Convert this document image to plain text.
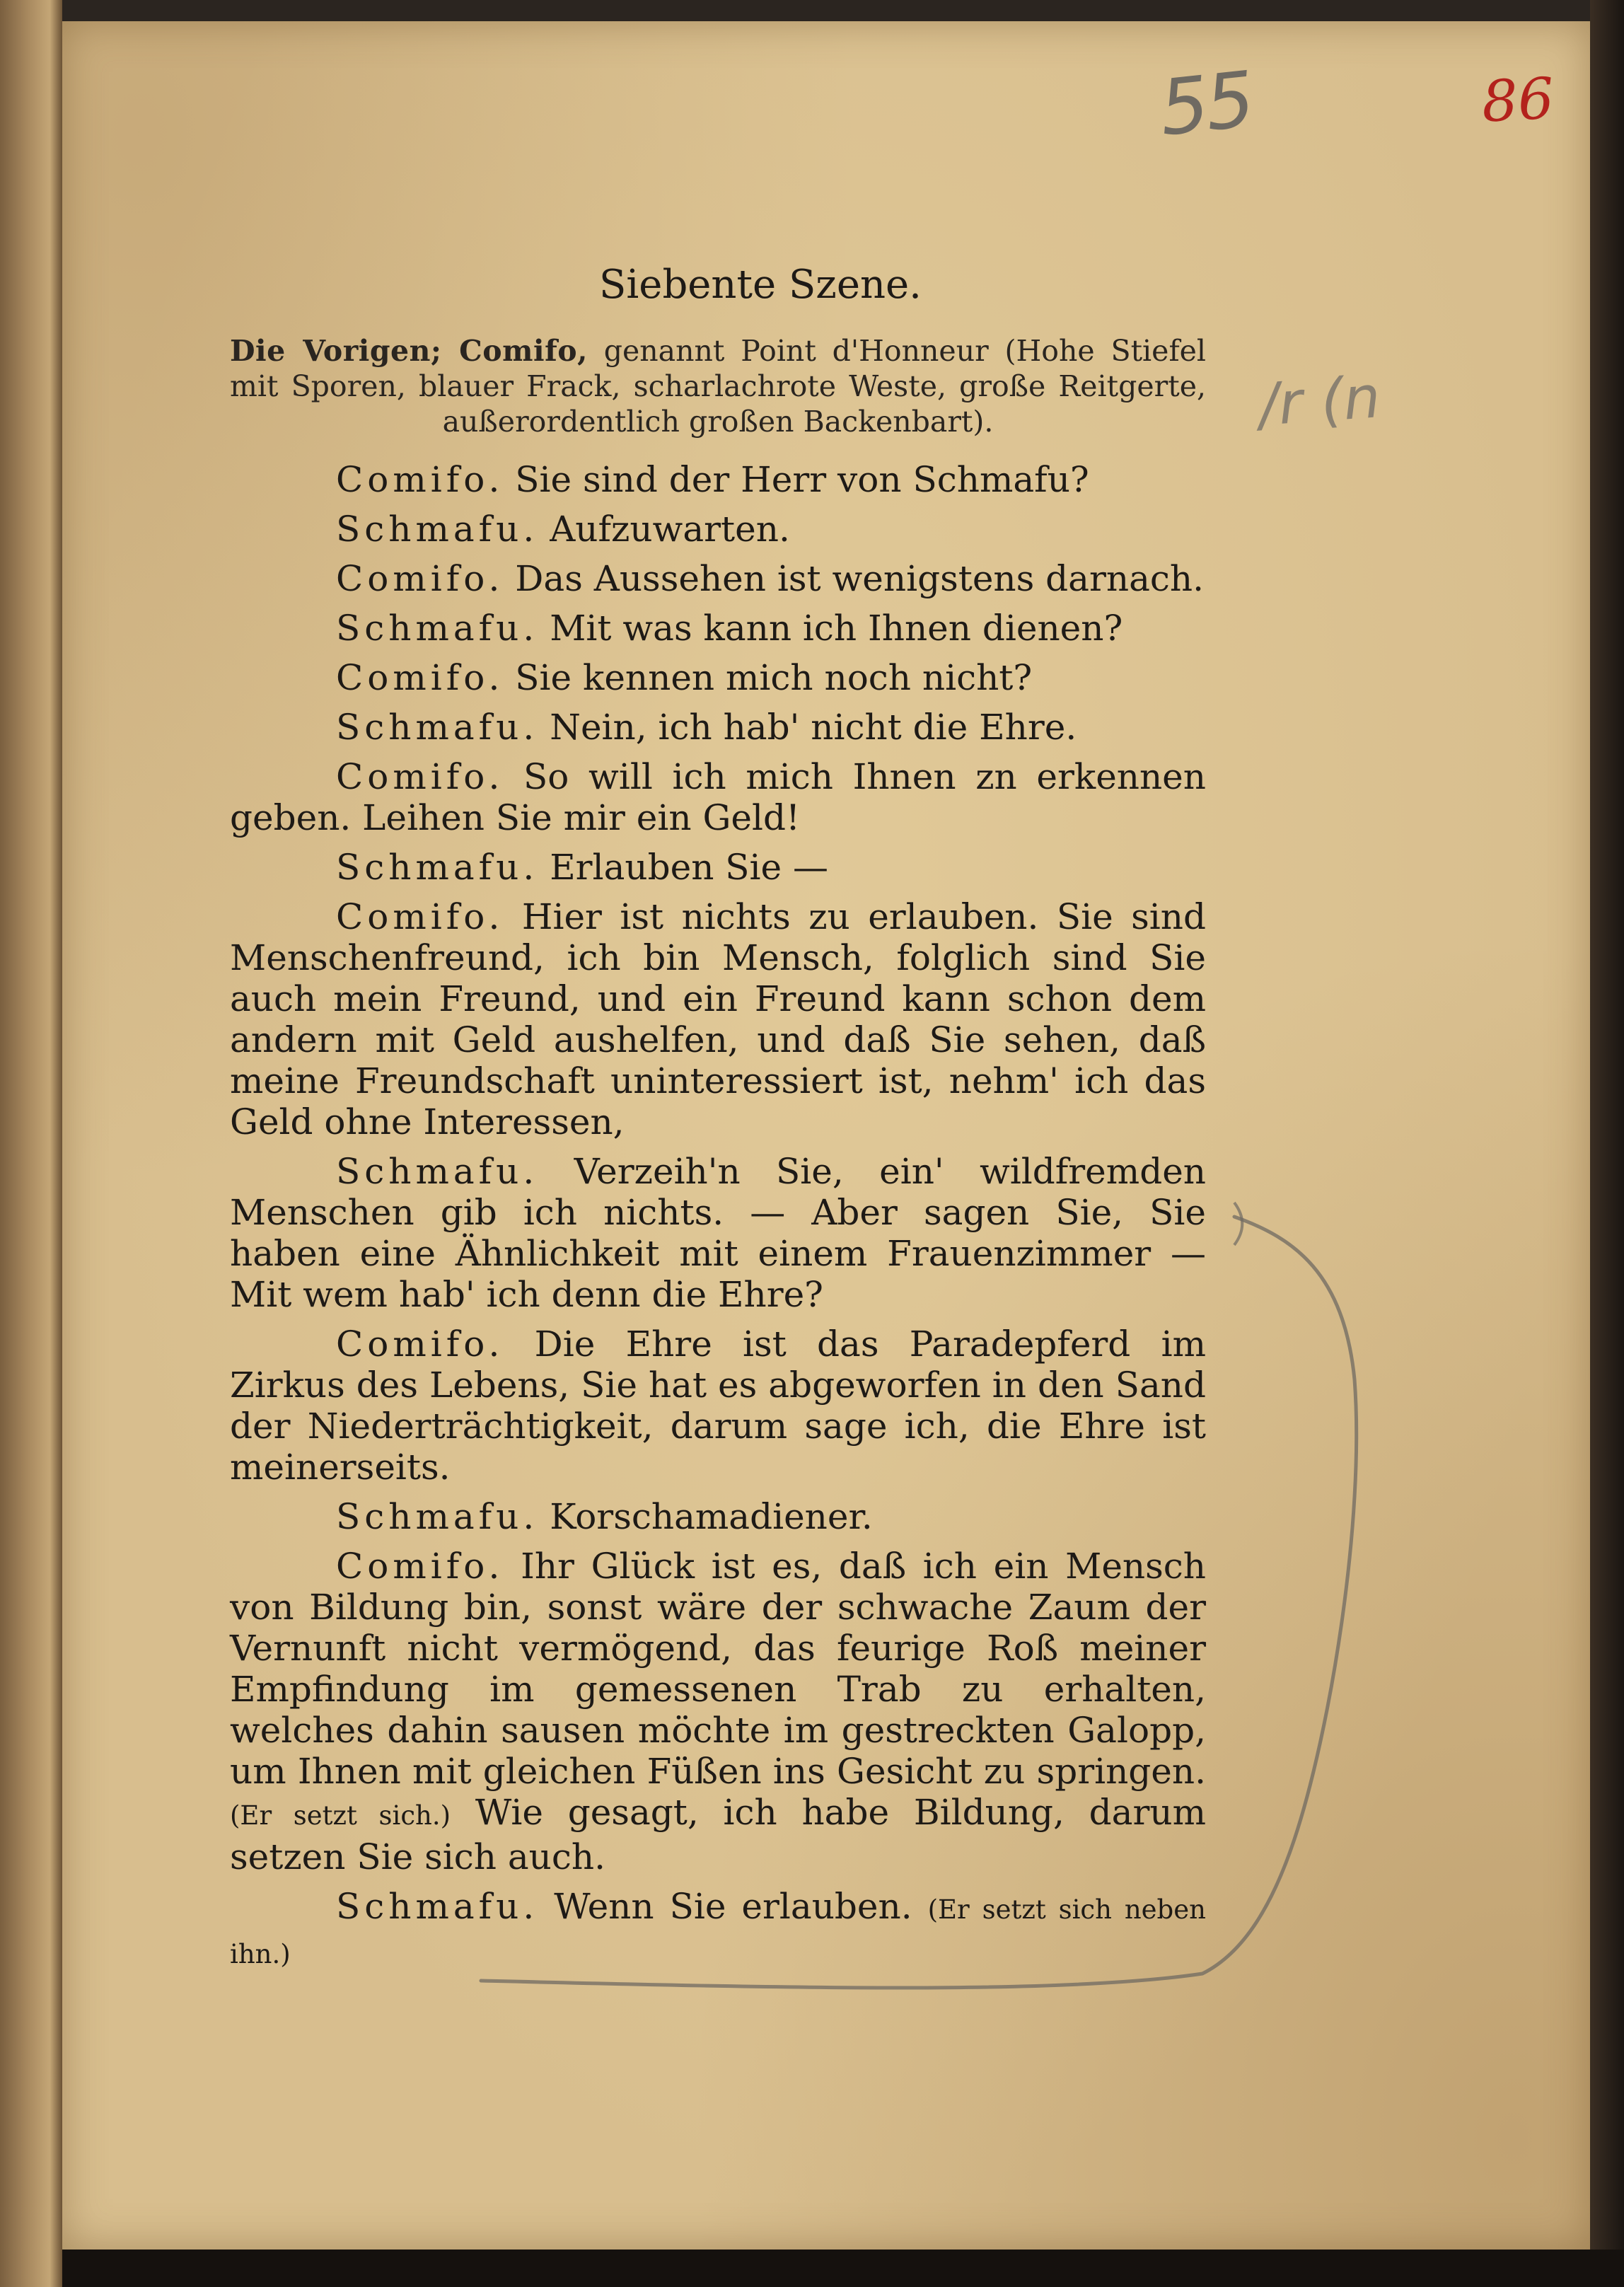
55	86
/r (n
Siebente Szene.
Die Vorigen; Comifo, genannt Point d'Honneur (Hohe Stiefel mit Sporen, blauer Frack, scharlachrote Weste, große Reitgerte, außerordentlich großen Backenbart).
Comifo. Sie sind der Herr von Schmafu?
Schmafu. Aufzuwarten.
Comifo. Das Aussehen ist wenigstens darnach.
Schmafu. Mit was kann ich Ihnen dienen?
Comifo. Sie kennen mich noch nicht?
Schmafu. Nein, ich hab' nicht die Ehre.
Comifo. So will ich mich Ihnen zn erkennen geben. Leihen Sie mir ein Geld!
Schmafu. Erlauben Sie —
Comifo. Hier ist nichts zu erlauben. Sie sind Menschenfreund, ich bin Mensch, folglich sind Sie auch mein Freund, und ein Freund kann schon dem andern mit Geld aushelfen, und daß Sie sehen, daß meine Freundschaft uninteressiert ist, nehm' ich das Geld ohne Interessen,
Schmafu. Verzeih'n Sie, ein' wildfremden Menschen gib ich nichts. — Aber sagen Sie, Sie haben eine Ähnlichkeit mit einem Frauenzimmer — Mit wem hab' ich denn die Ehre?
Comifo. Die Ehre ist das Paradepferd im Zirkus des Lebens, Sie hat es abgeworfen in den Sand der Niederträchtigkeit, darum sage ich, die Ehre ist meinerseits.
Schmafu. Korschamadiener.
Comifo. Ihr Glück ist es, daß ich ein Mensch von Bildung bin, sonst wäre der schwache Zaum der Vernunft nicht vermögend, das feurige Roß meiner Empfindung im gemessenen Trab zu erhalten, welches dahin sausen möchte im gestreckten Galopp, um Ihnen mit gleichen Füßen ins Gesicht zu springen. (Er setzt sich.) Wie gesagt, ich habe Bildung, darum setzen Sie sich auch.
Schmafu. Wenn Sie erlauben. (Er setzt sich neben ihn.)
